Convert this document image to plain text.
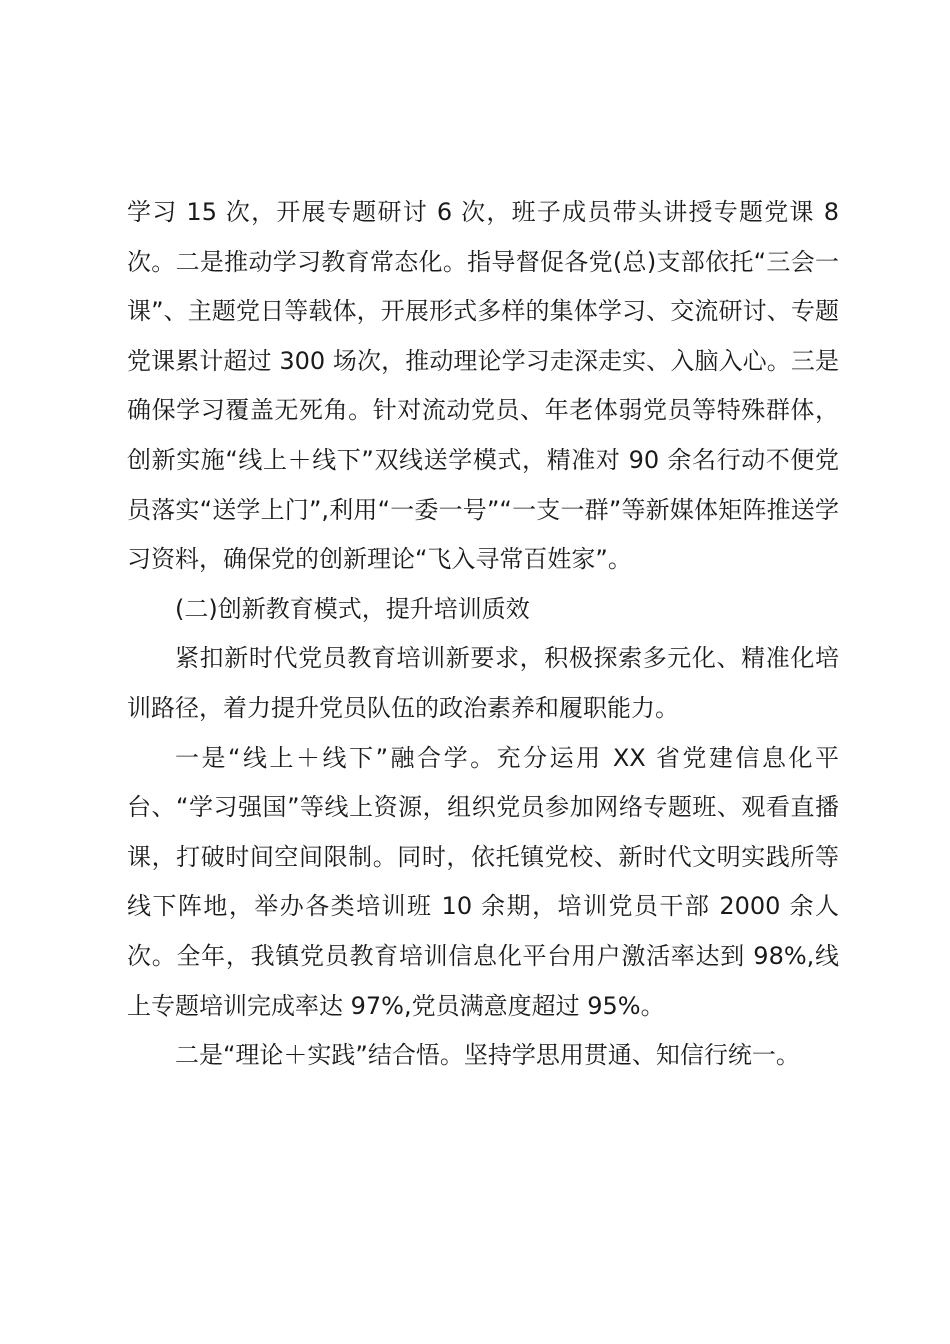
学习 15 次，开展专题研讨 6 次，班子成员带头讲授专题党课 8 次。二是推动学习教育常态化。指导督促各党(总)支部依托“三会一课”、主题党日等载体，开展形式多样的集体学习、交流研讨、专题党课累计超过 300 场次，推动理论学习走深走实、入脑入心。三是确保学习覆盖无死角。针对流动党员、年老体弱党员等特殊群体，创新实施“线上＋线下”双线送学模式，精准对 90 余名行动不便党员落实“送学上门”,利用“一委一号”“一支一群”等新媒体矩阵推送学习资料，确保党的创新理论“飞入寻常百姓家”。

(二)创新教育模式，提升培训质效

紧扣新时代党员教育培训新要求，积极探索多元化、精准化培训路径，着力提升党员队伍的政治素养和履职能力。

一是“线上＋线下”融合学。充分运用 XX 省党建信息化平台、“学习强国”等线上资源，组织党员参加网络专题班、观看直播课，打破时间空间限制。同时，依托镇党校、新时代文明实践所等线下阵地，举办各类培训班 10 余期，培训党员干部 2000 余人次。全年，我镇党员教育培训信息化平台用户激活率达到 98%,线上专题培训完成率达 97%,党员满意度超过 95%。

二是“理论＋实践”结合悟。坚持学思用贯通、知信行统一。
